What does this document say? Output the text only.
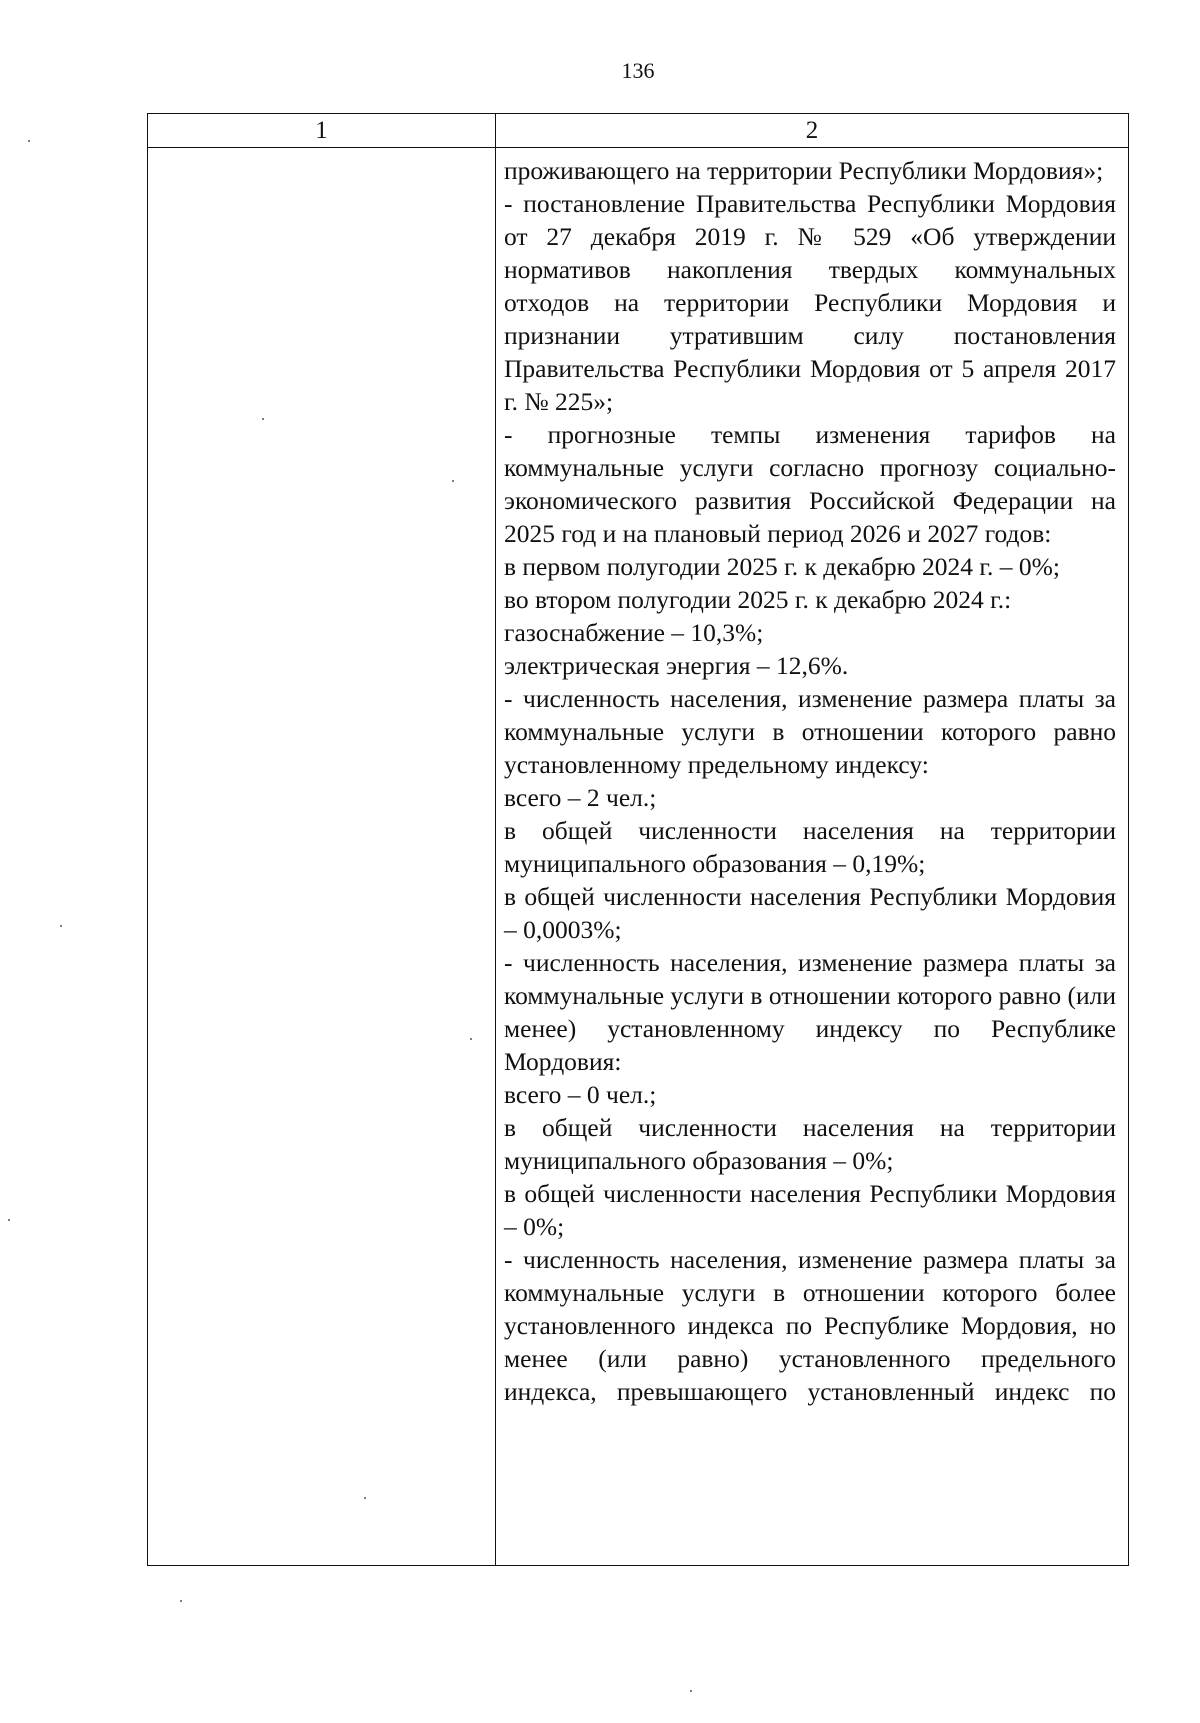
136
1	2

проживающего на территории Республики Мордовия»;

- постановление Правительства Республики Мордовия от 27 декабря 2019 г. № 529 «Об утверждении нормативов накопления твердых коммунальных отходов на территории Республики Мордовия и признании утратившим силу постановления Правительства Республики Мордовия от 5 апреля 2017 г. № 225»;

- прогнозные темпы изменения тарифов на коммунальные услуги согласно прогнозу социально-экономического развития Российской Федерации на 2025 год и на плановый период 2026 и 2027 годов:

в первом полугодии 2025 г. к декабрю 2024 г. – 0%;

во втором полугодии 2025 г. к декабрю 2024 г.:

газоснабжение – 10,3%;

электрическая энергия – 12,6%.

- численность населения, изменение размера платы за коммунальные услуги в отношении которого равно установленному предельному индексу:

всего – 2 чел.;

в общей численности населения на территории муниципального образования – 0,19%;

в общей численности населения Республики Мордовия – 0,0003%;

- численность населения, изменение размера платы за коммунальные услуги в отношении которого равно (или менее) установленному индексу по Республике Мордовия:

всего – 0 чел.;

в общей численности населения на территории муниципального образования – 0%;

в общей численности населения Республики Мордовия – 0%;

- численность населения, изменение размера платы за коммунальные услуги в отношении которого более установленного индекса по Республике Мордовия, но менее (или равно) установленного предельного индекса, превышающего установленный индекс по
